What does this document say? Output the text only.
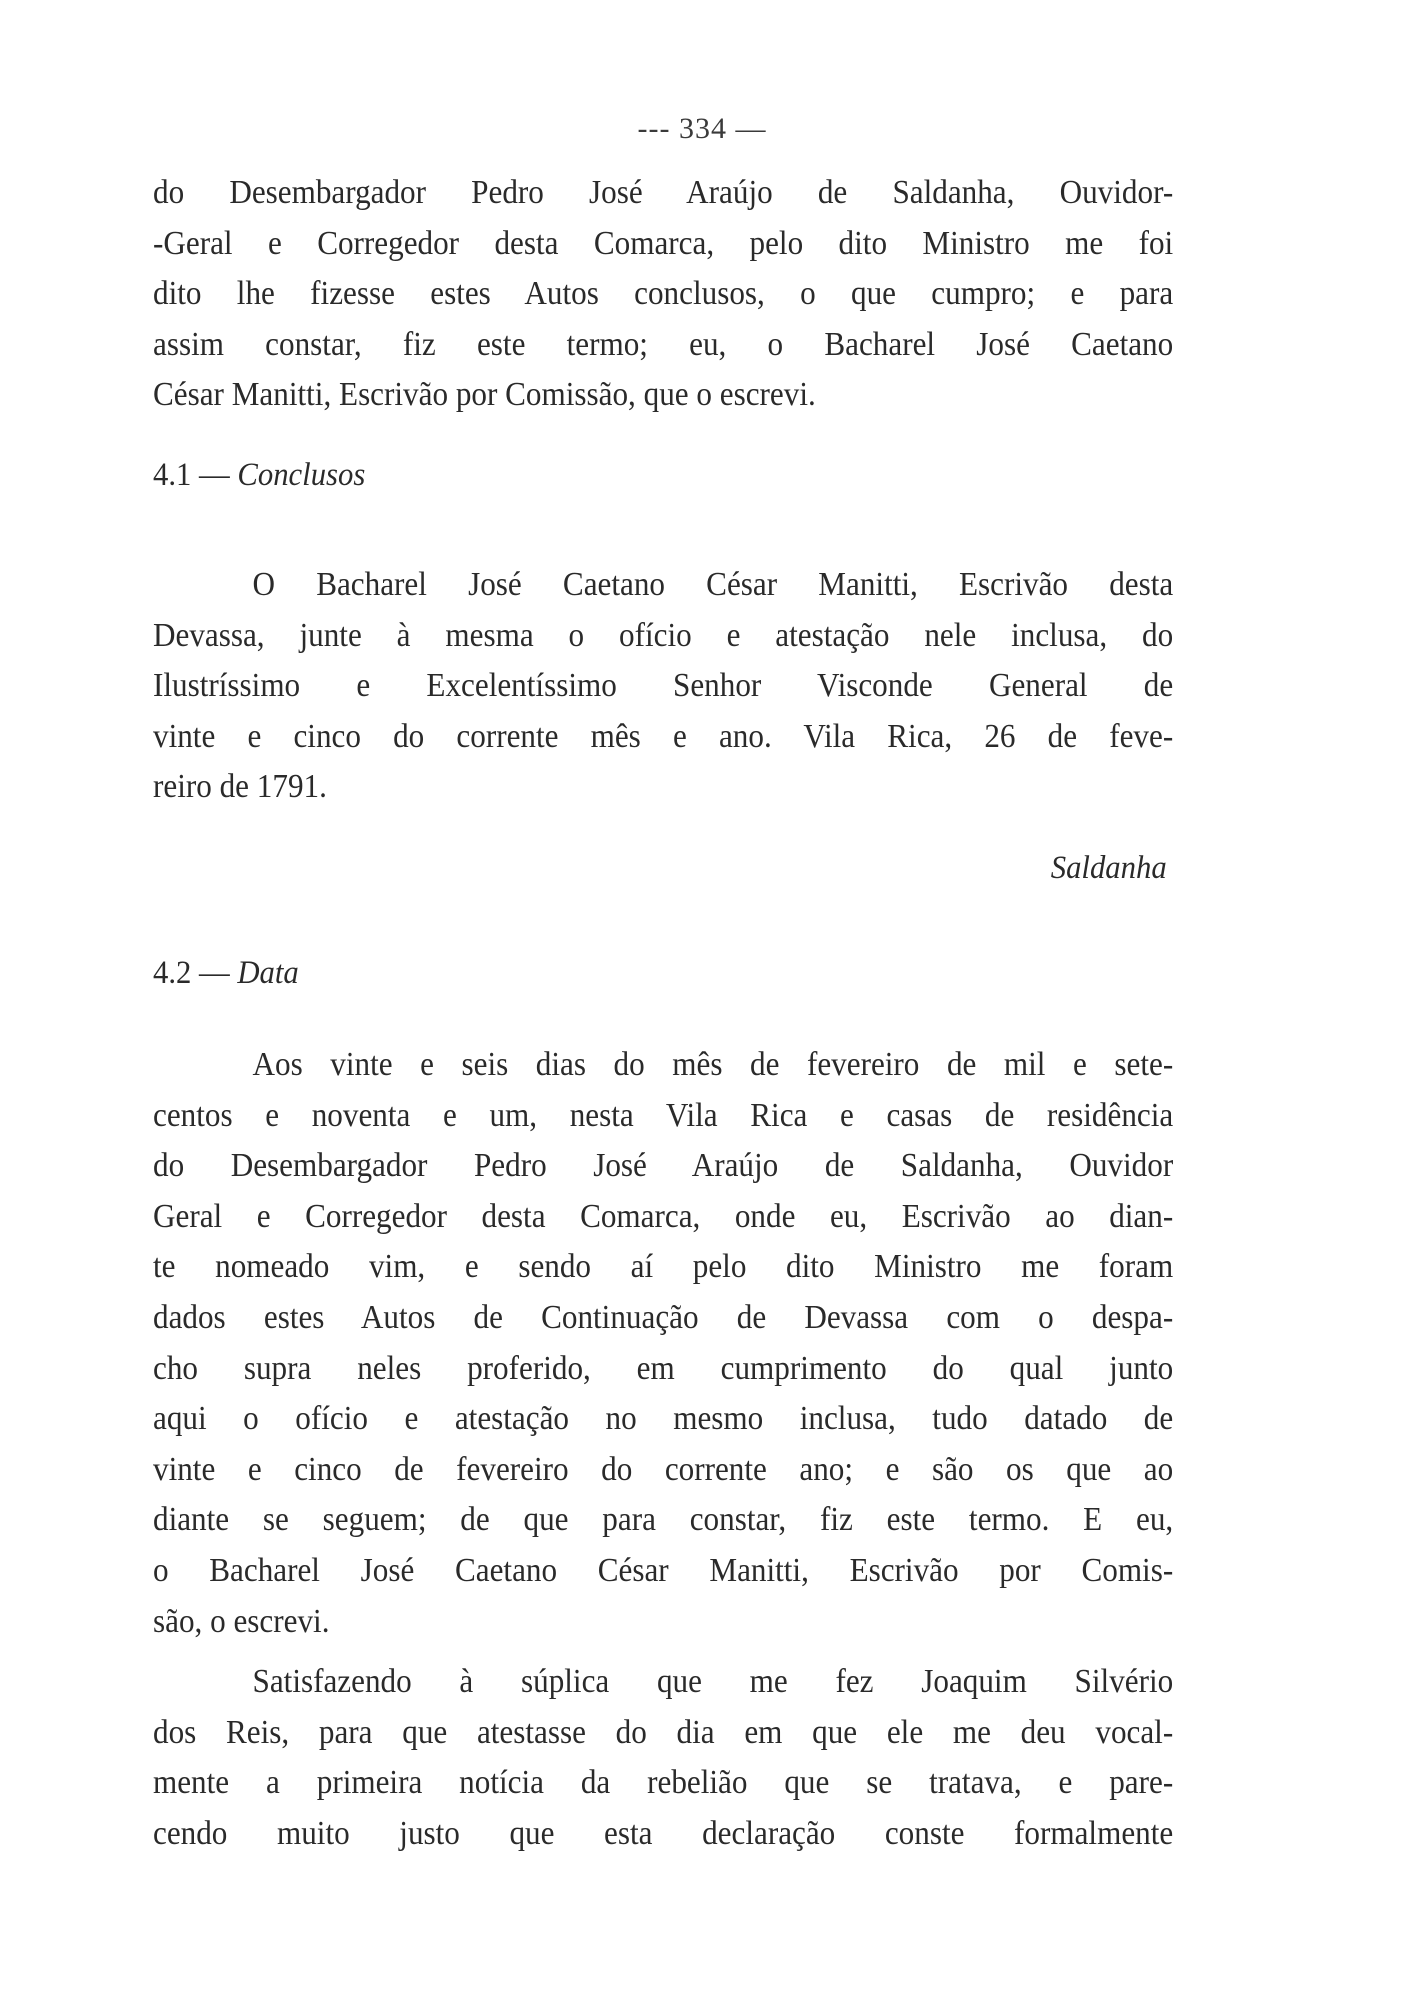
--- 334 —
do Desembargador Pedro José Araújo de Saldanha, Ouvidor-
-Geral e Corregedor desta Comarca, pelo dito Ministro me foi
dito lhe fizesse estes Autos conclusos, o que cumpro; e para
assim constar, fiz este termo; eu, o Bacharel José Caetano
César Manitti, Escrivão por Comissão, que o escrevi.
4.1 — Conclusos
O Bacharel José Caetano César Manitti, Escrivão desta
Devassa, junte à mesma o ofício e atestação nele inclusa, do
Ilustríssimo e Excelentíssimo Senhor Visconde General de
vinte e cinco do corrente mês e ano. Vila Rica, 26 de feve-
reiro de 1791.
Saldanha
4.2 — Data
Aos vinte e seis dias do mês de fevereiro de mil e sete-
centos e noventa e um, nesta Vila Rica e casas de residência
do Desembargador Pedro José Araújo de Saldanha, Ouvidor
Geral e Corregedor desta Comarca, onde eu, Escrivão ao dian-
te nomeado vim, e sendo aí pelo dito Ministro me foram
dados estes Autos de Continuação de Devassa com o despa-
cho supra neles proferido, em cumprimento do qual junto
aqui o ofício e atestação no mesmo inclusa, tudo datado de
vinte e cinco de fevereiro do corrente ano; e são os que ao
diante se seguem; de que para constar, fiz este termo. E eu,
o Bacharel José Caetano César Manitti, Escrivão por Comis-
são, o escrevi.
Satisfazendo à súplica que me fez Joaquim Silvério
dos Reis, para que atestasse do dia em que ele me deu vocal-
mente a primeira notícia da rebelião que se tratava, e pare-
cendo muito justo que esta declaração conste formalmente
